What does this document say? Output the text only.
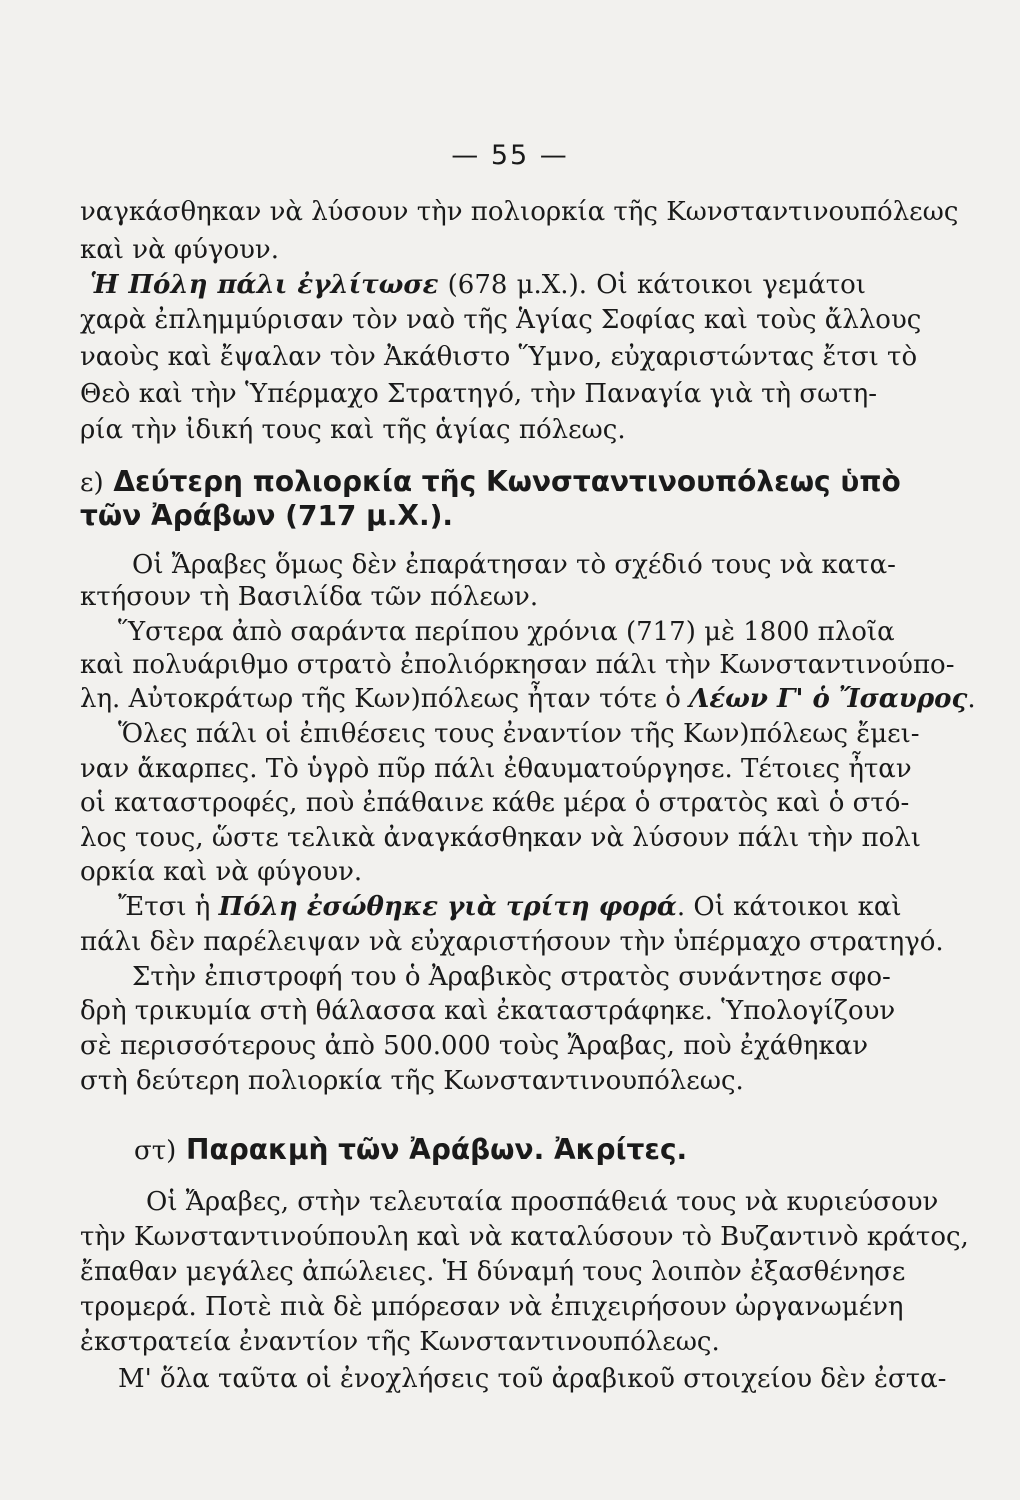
— 55 —
ναγκάσθηκαν νὰ λύσουν τὴν πολιορκία τῆς Κωνσταντινουπόλεως
καὶ νὰ φύγουν.
Ἡ Πόλη πάλι ἐγλίτωσε (678 μ.Χ.). Οἱ κάτοικοι γεμάτοι
χαρὰ ἐπλημμύρισαν τὸν ναὸ τῆς Ἁγίας Σοφίας καὶ τοὺς ἄλλους
ναοὺς καὶ ἔψαλαν τὸν Ἀκάθιστο Ὕμνο, εὐχαριστώντας ἔτσι τὸ
Θεὸ καὶ τὴν Ὑπέρμαχο Στρατηγό, τὴν Παναγία γιὰ τὴ σωτη-
ρία τὴν ἰδική τους καὶ τῆς ἁγίας πόλεως.
ε) Δεύτερη πολιορκία τῆς Κωνσταντινουπόλεως ὑπὸ
τῶν Ἀράβων (717 μ.Χ.).
Οἱ Ἄραβες ὅμως δὲν ἐπαράτησαν τὸ σχέδιό τους νὰ κατα-
κτήσουν τὴ Βασιλίδα τῶν πόλεων.
Ὕστερα ἀπὸ σαράντα περίπου χρόνια (717) μὲ 1800 πλοῖα
καὶ πολυάριθμο στρατὸ ἐπολιόρκησαν πάλι τὴν Κωνσταντινούπο-
λη. Αὐτοκράτωρ τῆς Κων)πόλεως ἦταν τότε ὁ Λέων Γ' ὁ Ἴσαυρος.
Ὅλες πάλι οἱ ἐπιθέσεις τους ἐναντίον τῆς Κων)πόλεως ἔμει-
ναν ἄκαρπες. Τὸ ὑγρὸ πῦρ πάλι ἐθαυματούργησε. Τέτοιες ἦταν
οἱ καταστροφές, ποὺ ἐπάθαινε κάθε μέρα ὁ στρατὸς καὶ ὁ στό-
λος τους, ὥστε τελικὰ ἀναγκάσθηκαν νὰ λύσουν πάλι τὴν πολι
ορκία καὶ νὰ φύγουν.
Ἔτσι ἡ Πόλη ἐσώθηκε γιὰ τρίτη φορά. Οἱ κάτοικοι καὶ
πάλι δὲν παρέλειψαν νὰ εὐχαριστήσουν τὴν ὑπέρμαχο στρατηγό.
Στὴν ἐπιστροφή του ὁ Ἀραβικὸς στρατὸς συνάντησε σφο-
δρὴ τρικυμία στὴ θάλασσα καὶ ἐκαταστράφηκε. Ὑπολογίζουν
σὲ περισσότερους ἀπὸ 500.000 τοὺς Ἄραβας, ποὺ ἐχάθηκαν
στὴ δεύτερη πολιορκία τῆς Κωνσταντινουπόλεως.
στ) Παρακμὴ τῶν Ἀράβων. Ἀκρίτες.
Οἱ Ἄραβες, στὴν τελευταία προσπάθειά τους νὰ κυριεύσουν
τὴν Κωνσταντινούπουλη καὶ νὰ καταλύσουν τὸ Βυζαντινὸ κράτος,
ἔπαθαν μεγάλες ἀπώλειες. Ἡ δύναμή τους λοιπὸν ἐξασθένησε
τρομερά. Ποτὲ πιὰ δὲ μπόρεσαν νὰ ἐπιχειρήσουν ὠργανωμένη
ἐκστρατεία ἐναντίον τῆς Κωνσταντινουπόλεως.
Μ' ὅλα ταῦτα οἱ ἐνοχλήσεις τοῦ ἀραβικοῦ στοιχείου δὲν ἐστα-
